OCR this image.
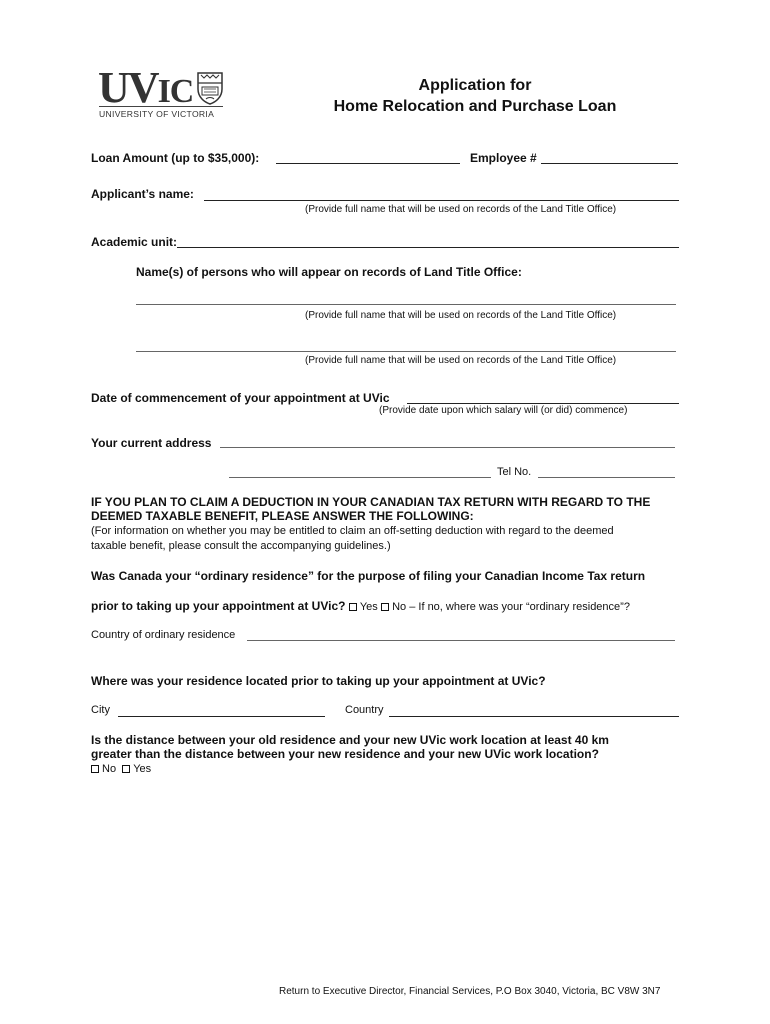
UVIC
UNIVERSITY OF VICTORIA
Application for
Home Relocation and Purchase Loan
Loan Amount (up to $35,000):	Employee #
Applicant’s name:
(Provide full name that will be used on records of the Land Title Office)
Academic unit:
Name(s) of persons who will appear on records of Land Title Office:
(Provide full name that will be used on records of the Land Title Office)
(Provide full name that will be used on records of the Land Title Office)
Date of commencement of your appointment at UVic
(Provide date upon which salary will (or did) commence)
Your current address
Tel No.
IF YOU PLAN TO CLAIM A DEDUCTION IN YOUR CANADIAN TAX RETURN WITH REGARD TO THE
DEEMED TAXABLE BENEFIT, PLEASE ANSWER THE FOLLOWING:
(For information on whether you may be entitled to claim an off-setting deduction with regard to the deemed
taxable benefit, please consult the accompanying guidelines.)
Was Canada your “ordinary residence” for the purpose of filing your Canadian Income Tax return
prior to taking up your appointment at UVic? Yes No – If no, where was your “ordinary residence”?
Country of ordinary residence
Where was your residence located prior to taking up your appointment at UVic?
City	Country
Is the distance between your old residence and your new UVic work location at least 40 km
greater than the distance between your new residence and your new UVic work location?
No Yes
Return to Executive Director, Financial Services, P.O Box 3040, Victoria, BC V8W 3N7
